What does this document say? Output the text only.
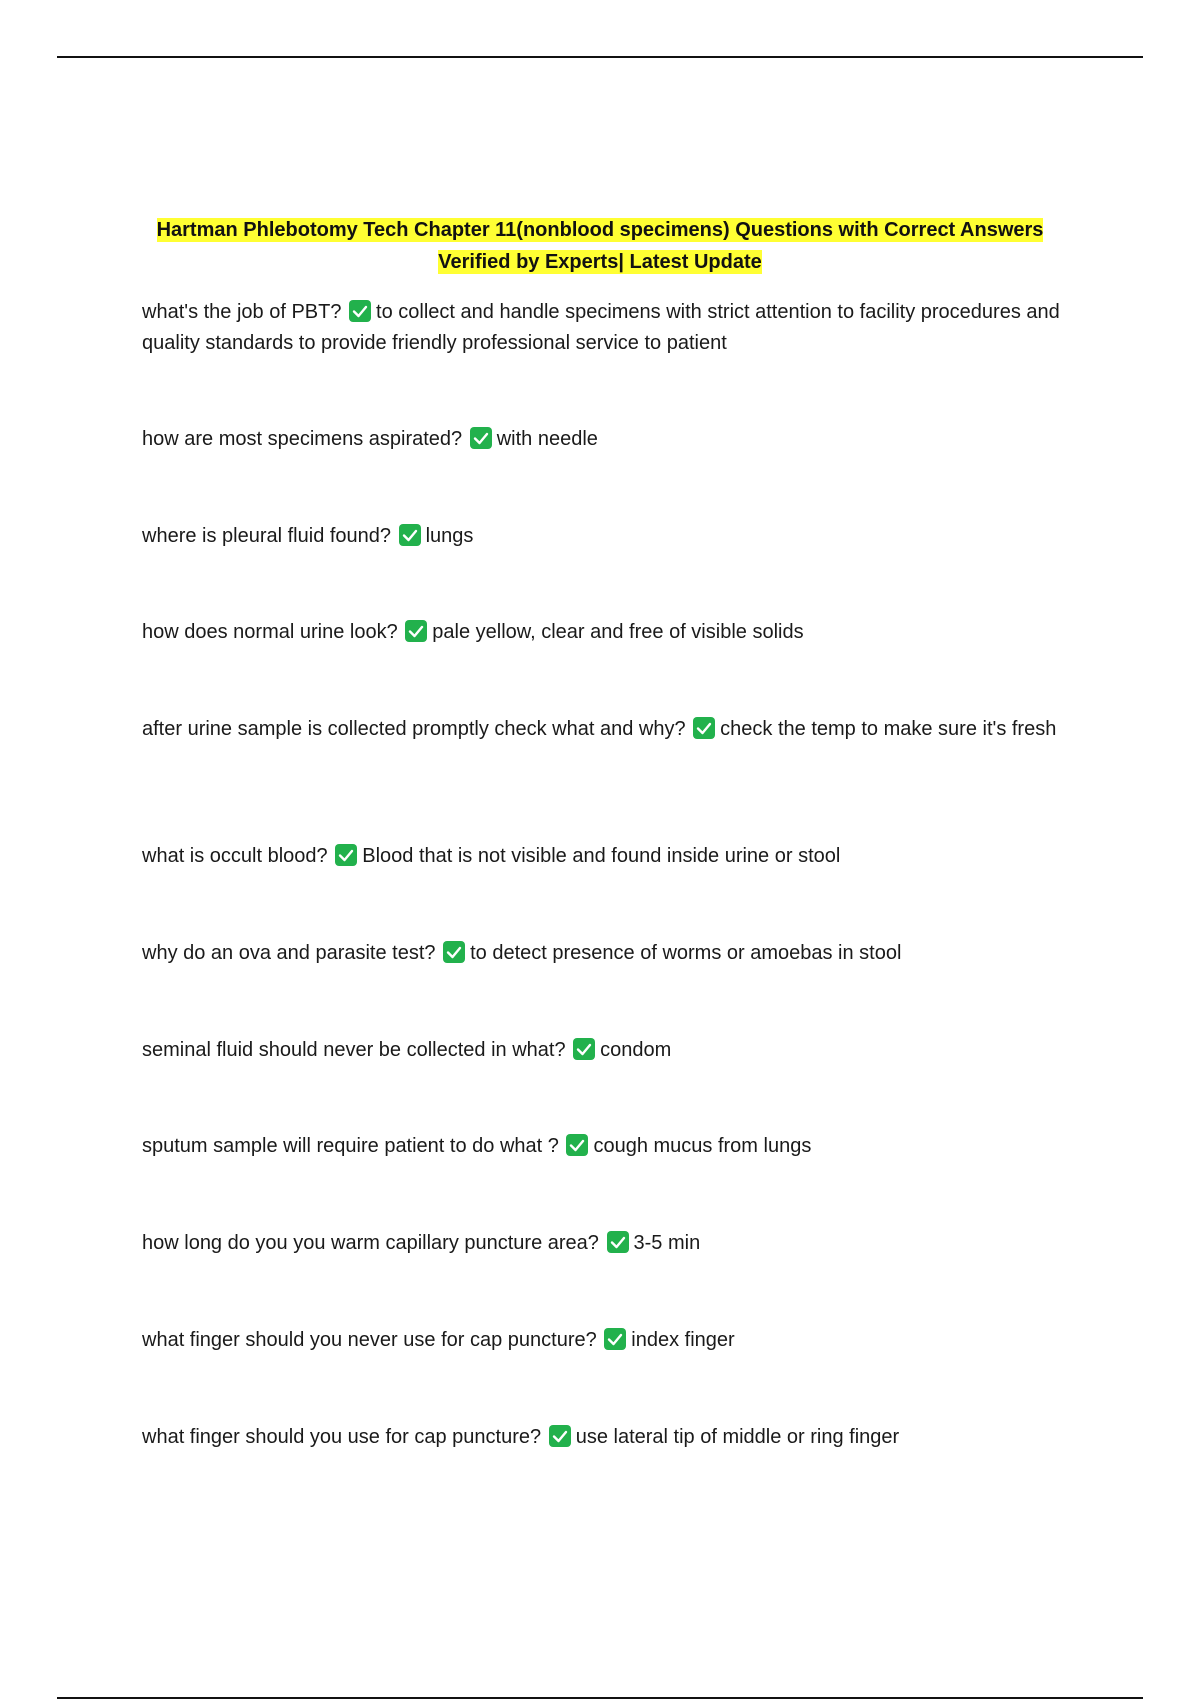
Hartman Phlebotomy Tech Chapter 11(nonblood specimens) Questions with Correct Answers
Verified by Experts| Latest Update
what's the job of PBT? to collect and handle specimens with strict attention to facility procedures and quality standards to provide friendly professional service to patient
how are most specimens aspirated? with needle
where is pleural fluid found? lungs
how does normal urine look? pale yellow, clear and free of visible solids
after urine sample is collected promptly check what and why? check the temp to make sure it's fresh
what is occult blood? Blood that is not visible and found inside urine or stool
why do an ova and parasite test? to detect presence of worms or amoebas in stool
seminal fluid should never be collected in what? condom
sputum sample will require patient to do what ? cough mucus from lungs
how long do you you warm capillary puncture area? 3-5 min
what finger should you never use for cap puncture? index finger
what finger should you use for cap puncture? use lateral tip of middle or ring finger
